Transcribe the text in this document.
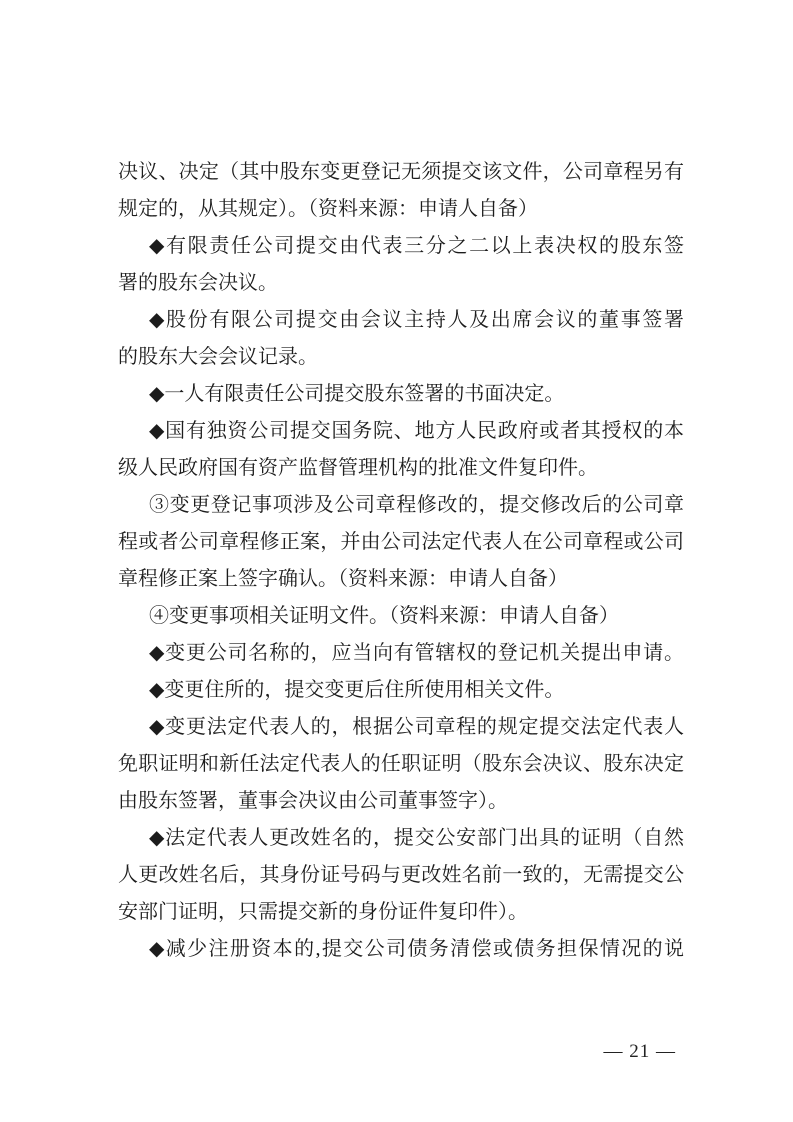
决议、决定（其中股东变更登记无须提交该文件，公司章程另有
规定的，从其规定）。（资料来源：申请人自备）
◆有限责任公司提交由代表三分之二以上表决权的股东签
署的股东会决议。
◆股份有限公司提交由会议主持人及出席会议的董事签署
的股东大会会议记录。
◆一人有限责任公司提交股东签署的书面决定。
◆国有独资公司提交国务院、地方人民政府或者其授权的本
级人民政府国有资产监督管理机构的批准文件复印件。
③变更登记事项涉及公司章程修改的，提交修改后的公司章
程或者公司章程修正案，并由公司法定代表人在公司章程或公司
章程修正案上签字确认。（资料来源：申请人自备）
④变更事项相关证明文件。（资料来源：申请人自备）
◆变更公司名称的，应当向有管辖权的登记机关提出申请。
◆变更住所的，提交变更后住所使用相关文件。
◆变更法定代表人的，根据公司章程的规定提交法定代表人
免职证明和新任法定代表人的任职证明（股东会决议、股东决定
由股东签署，董事会决议由公司董事签字）。
◆法定代表人更改姓名的，提交公安部门出具的证明（自然
人更改姓名后，其身份证号码与更改姓名前一致的，无需提交公
安部门证明，只需提交新的身份证件复印件）。
◆减少注册资本的,提交公司债务清偿或债务担保情况的说
— 21 —
